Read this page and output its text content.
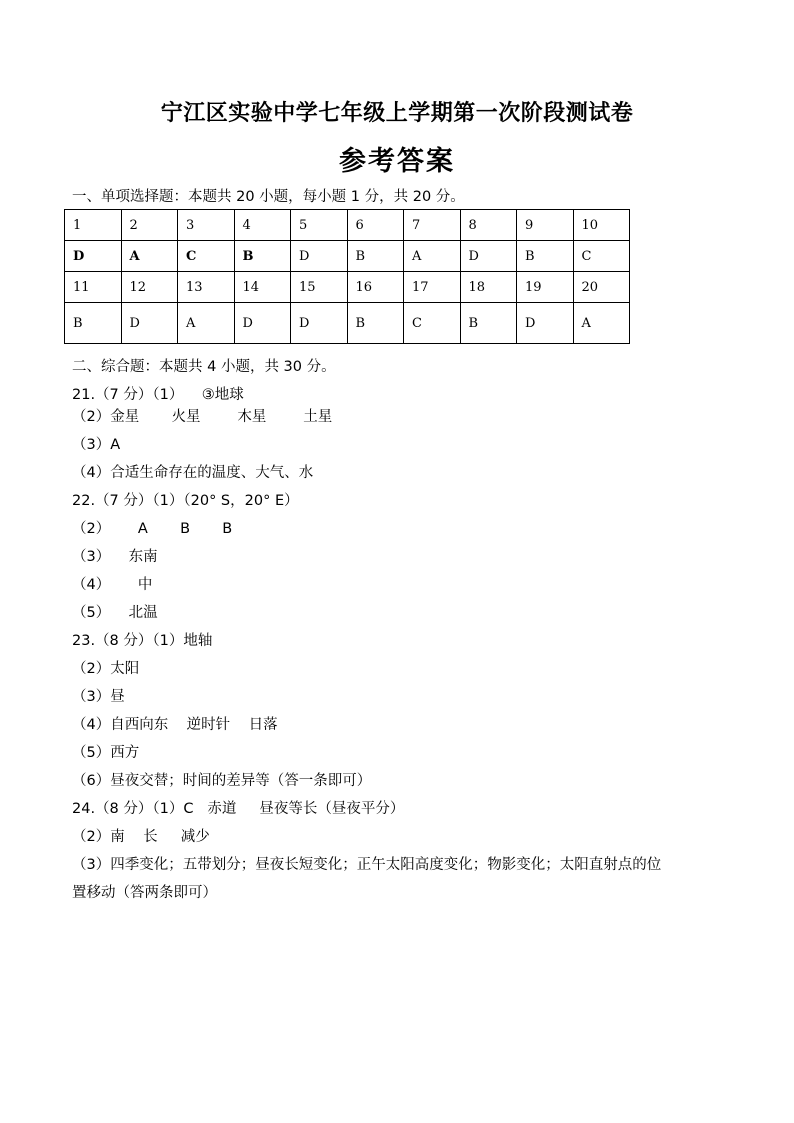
宁江区实验中学七年级上学期第一次阶段测试卷
参考答案
一、单项选择题：本题共 20 小题，每小题 1 分，共 20 分。
1	2	3	4	5	6	7	8	9	10
D	A	C	B	D	B	A	D	B	C
11	12	13	14	15	16	17	18	19	20
B	D	A	D	D	B	C	B	D	A
二、综合题：本题共 4 小题，共 30 分。
21.（7 分）（1）    ③地球
（2）金星       火星        木星        土星
（3）A
（4）合适生命存在的温度、大气、水
22.（7 分）（1）（20° S，20° E）
（2）      A       B       B
（3）    东南
（4）      中
（5）    北温
23.（8 分）（1）地轴
（2）太阳
（3）昼
（4）自西向东    逆时针    日落
（5）西方
（6）昼夜交替；时间的差异等（答一条即可）
24.（8 分）（1）C   赤道     昼夜等长（昼夜平分）
（2）南    长     减少
（3）四季变化；五带划分；昼夜长短变化；正午太阳高度变化；物影变化；太阳直射点的位
置移动（答两条即可）
